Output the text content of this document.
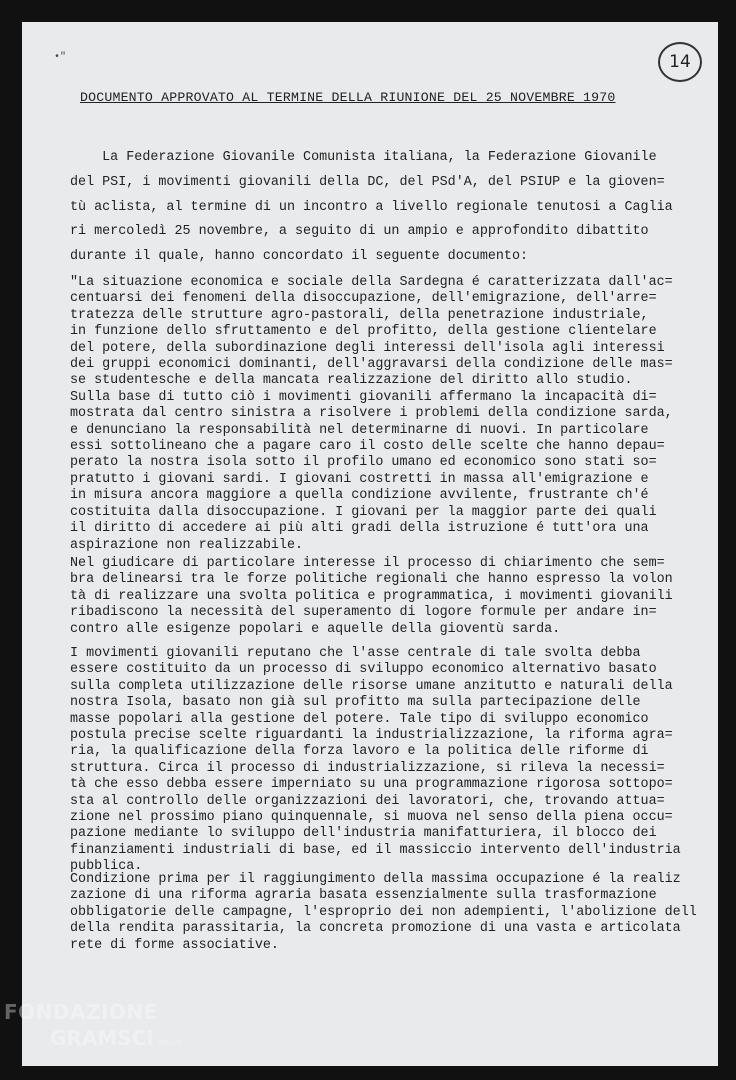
•"	14
DOCUMENTO APPROVATO AL TERMINE DELLA RIUNIONE DEL 25 NOVEMBRE 1970

La Federazione Giovanile Comunista italiana, la Federazione Giovanile
del PSI, i movimenti giovanili della DC, del PSd'A, del PSIUP e la gioven=
tù aclista, al termine di un incontro a livello regionale tenutosi a Caglia
ri mercoledì 25 novembre, a seguito di un ampio e approfondito dibattito
durante il quale, hanno concordato il seguente documento:

"La situazione economica e sociale della Sardegna é caratterizzata dall'ac=
centuarsi dei fenomeni della disoccupazione, dell'emigrazione, dell'arre=
tratezza delle strutture agro-pastorali, della penetrazione industriale,
in funzione dello sfruttamento e del profitto, della gestione clientelare
del potere, della subordinazione degli interessi dell'isola agli interessi
dei gruppi economici dominanti, dell'aggravarsi della condizione delle mas=
se studentesche e della mancata realizzazione del diritto allo studio.
Sulla base di tutto ciò i movimenti giovanili affermano la incapacità di=
mostrata dal centro sinistra a risolvere i problemi della condizione sarda,
e denunciano la responsabilità nel determinarne di nuovi. In particolare
essi sottolineano che a pagare caro il costo delle scelte che hanno depau=
perato la nostra isola sotto il profilo umano ed economico sono stati so=
pratutto i giovani sardi. I giovani costretti in massa all'emigrazione e
in misura ancora maggiore a quella condizione avvilente, frustrante ch'é
costituita dalla disoccupazione. I giovani per la maggior parte dei quali
il diritto di accedere ai più alti gradi della istruzione é tutt'ora una
aspirazione non realizzabile.

Nel giudicare di particolare interesse il processo di chiarimento che sem=
bra delinearsi tra le forze politiche regionali che hanno espresso la volon
tà di realizzare una svolta politica e programmatica, i movimenti giovanili
ribadiscono la necessità del superamento di logore formule per andare in=
contro alle esigenze popolari e aquelle della gioventù sarda.

I movimenti giovanili reputano che l'asse centrale di tale svolta debba
essere costituito da un processo di sviluppo economico alternativo basato
sulla completa utilizzazione delle risorse umane anzitutto e naturali della
nostra Isola, basato non già sul profitto ma sulla partecipazione delle
masse popolari alla gestione del potere. Tale tipo di sviluppo economico
postula precise scelte riguardanti la industrializzazione, la riforma agra=
ria, la qualificazione della forza lavoro e la politica delle riforme di
struttura. Circa il processo di industrializzazione, si rileva la necessi=
tà che esso debba essere imperniato su una programmazione rigorosa sottopo=
sta al controllo delle organizzazioni dei lavoratori, che, trovando attua=
zione nel prossimo piano quinquennale, si muova nel senso della piena occu=
pazione mediante lo sviluppo dell'industria manifatturiera, il blocco dei
finanziamenti industriali di base, ed il massiccio intervento dell'industria
pubblica.

Condizione prima per il raggiungimento della massima occupazione é la realiz
zazione di una riforma agraria basata essenzialmente sulla trasformazione
obbligatorie delle campagne, l'esproprio dei non adempienti, l'abolizione dell
della rendita parassitaria, la concreta promozione di una vasta e articolata
rete di forme associative.

FONDAZIONE
GRAMSCI onlus
